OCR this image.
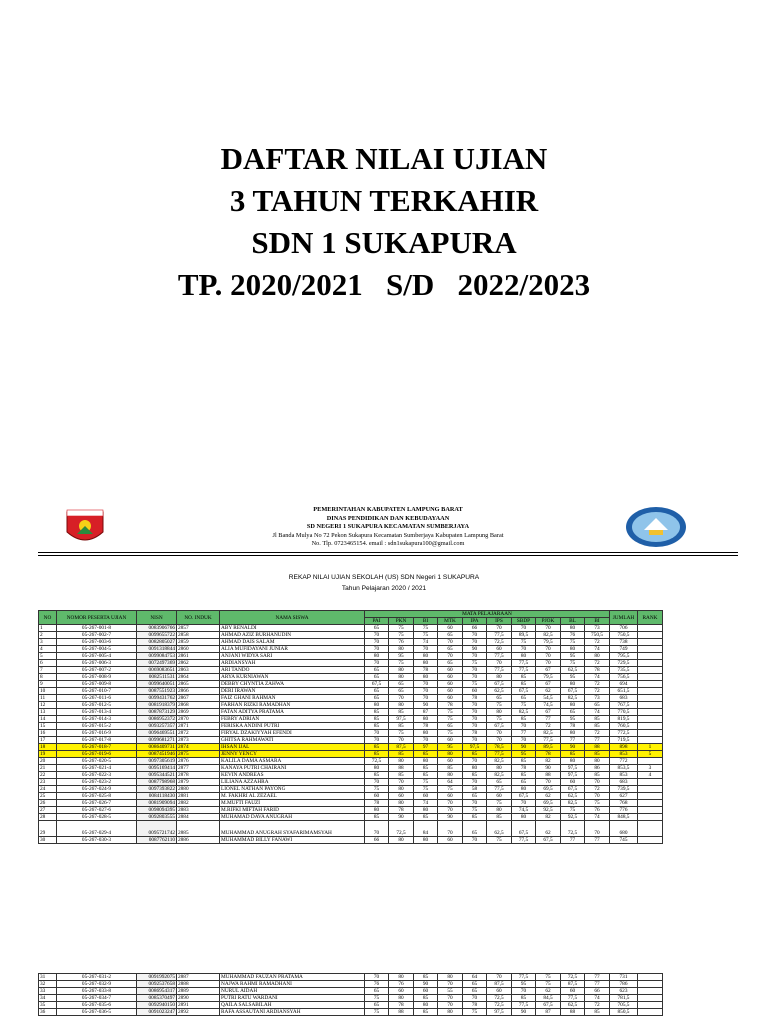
DAFTAR NILAI UJIAN
3 TAHUN TERKAHIR
SDN 1 SUKAPURA
TP. 2020/2021   S/D   2022/2023
PEMERINTAHAN KABUPATEN LAMPUNG BARAT
DINAS PENDIDIKAN DAN KEBUDAYAAN
SD NEGERI 1 SUKAPURA KECAMATAN SUMBERJAYA
Jl Banda Mulya No 72 Pekon Sukapura Kecamatan Sumberjaya Kabupaten Lampung Barat
No. Tlp. 0723465154. email : sdn1sukapura100@gmail.com
REKAP NILAI UJIAN SEKOLAH (US) SDN Negeri 1 SUKAPURA
Tahun Pelajaran 2020 / 2021
NO	NOMOR PESERTA UJIAN	NISN	NO. INDUK	NAMA SISWA	MATA PELAJARAAN										JUMLAH	RANK
					PAI	PKN	BI	MTK	IPA	IPS	SBDP	PJOK	BL	BI		
1	05-267-001-8	0083906766	2857	ABY RENALDI	65	75	75	60	66	70	70	70	80	73	706	
2	05-267-002-7	0099655722	2858	AHMAD AZIZ BURHANUDIN	70	75	75	65	70	77,5	89,5	82,5	76	750,5	750,5	
3	05-267-003-6	0082805027	2859	AHMAD DAIS SALAM	70	76	74	70	70	72,5	75	79,5	75	72	738	
4	05-267-004-5	0091318844	2860	ALIA MUFIDAYANI JUNIAR	70	80	70	65	90	60	70	70	80	74	749	
5	05-267-005-4	0099084753	2861	ANJANI WIDYA SARI	80	95	80	70	70	77,5	80	70	95	80	795,5	
6	05-267-006-3	0072497369	2862	ARDIANSYAH	70	75	80	65	75	70	77,5	70	75	72	729,5	
7	05-267-007-2	0069083651	2863	ARI TANDO	65	80	78	60	70	77,5	77,5	67	62,5	78	735,5	
8	05-267-008-9	0082511531	2864	ARYA KURNIAWAN	65	80	80	60	70	80	85	79,5	95	74	756,5	
9	05-267-009-8	0099640051	2865	DEBBY CHYNTIA ZAHWA	67,5	65	70	60	75	67,5	85	67	80	72	694	
10	05-267-010-7	0087551923	2866	DERI IRAWAN	65	65	70	60	60	62,5	67,5	62	67,5	72	651,5	
11	05-267-011-6	0099431762	2867	FAIZ GHANI RAHMAN	65	70	70	60	78	65	65	54,5	82,5	73	683	
12	05-267-012-5	0081918379	2868	FARHAN RIZKI RAMADHAN	80	80	90	78	70	75	75	74,5	80	65	767,5	
13	05-267-013-4	0087873129	2869	FATAN ADITYA PRATAMA	85	85	87	75	70	80	82,5	67	65	74	770,5	
14	05-267-014-3	0086952372	2870	FEBRY ADRIAN	85	97,5	80	75	70	75	85	77	95	85	819,5	
15	05-267-015-2	0093257357	2871	FERISKA ANDINI PUTRI	85	85	78	65	70	67,5	70	72	78	85	760,5	
16	05-267-016-9	0096469551	2872	FIRYAL DZAKIYYAH EFENDI	70	75	80	75	78	70	77	82,5	80	72	772,5	
17	05-267-017-8	0099681271	2873	GHITSA RAHMAWATI	70	70	70	60	70	70	70	77,5	77	77	719,5	
18	05-267-018-7	0086409731	2874	IHSAN IJAL	85	87,5	97	95	97,5	78,5	90	89,5	90	88	898	1
19	05-267-019-6	0087451946	2875	JENNY YENCY	85	85	85	80	85	77,5	95	78	85	85	853	5
20	05-267-020-5	0097305619	2876	KALILA DAMA ASMARA	72,5	80	80	60	70	82,5	85	82	80	80	772	
21	05-267-021-4	0095169414	2877	KANAYA PUTRI CHAIRANI	80	88	85	85	80	80	78	90	97,5	86	853,5	3
22	05-267-022-3	0095344521	2878	KEVIN ANDREAS	85	85	85	80	85	82,5	85	88	97,5	85	853	4
23	05-267-023-2	0087798968	2879	LILIANA AZZAHRA	70	70	75	64	70	65	65	70	60	70	683	
24	05-267-024-9	0097393822	2880	LIONEL NATHAN PAYONG	75	80	75	75	58	77,5	80	69,5	67,5	72	739,5	
25	05-267-025-8	0084118430	2881	M. FAKHRI AL ZEZAEL	60	60	60	60	65	60	67,5	62	62,5	70	627	
26	05-267-026-7	0081909094	2882	M.MUFTI FAUZI	78	80	74	70	70	75	70	69,5	82,5	75	768	
27	05-267-027-6	0098094395	2883	M.RIFKI MIFTAH FARID	80	78	80	70	75	80	74,5	92,5	75	76	776	
28	05-267-028-5	0092803555	2884	MUHAMAD DAVA ANUGRAH	85	90	85	90	85	85	80	82	92,5	74	848,5	
29	05-267-029-4	0095721742	2885	MUHAMMAD ANUGRAH SYAFARIMAMSYAH	70	72,5	84	70	65	62,5	67,5	62	72,5	70	680	
30	05-267-030-3	0087762110	2886	MUHAMMAD BILLY FANAWI	66	80	80	60	70	75	77,5	67,5	77	77	745	
31	05-267-031-2	0091992075	2887	MUHAMMAD FAUZAN PRATAMA	70	80	85	80	64	70	77,5	75	72,5	77	731	
32	05-267-032-9	0092537658	2888	NAJWA RAHMI RAMADHANI	76	76	90	70	65	87,5	95	75	87,5	77	786	
33	05-267-033-8	0086954317	2889	NURUL AIDAH	65	60	60	55	65	60	70	62	60	66	623	
34	05-267-034-7	0085370497	2890	PUTRI RATU WARDANI	75	80	85	70	70	72,5	85	84,5	77,5	74	781,5	
35	05-267-035-6	0092940150	2891	QAILA SALSABILAH	65	78	80	70	78	72,5	77,5	67,5	62,5	72	705,5	
36	05-267-036-5	0091023247	2892	RAFA ASSAUTANI ARDIANSYAH	75	88	85	80	75	97,5	90	87	88	85	850,5	
